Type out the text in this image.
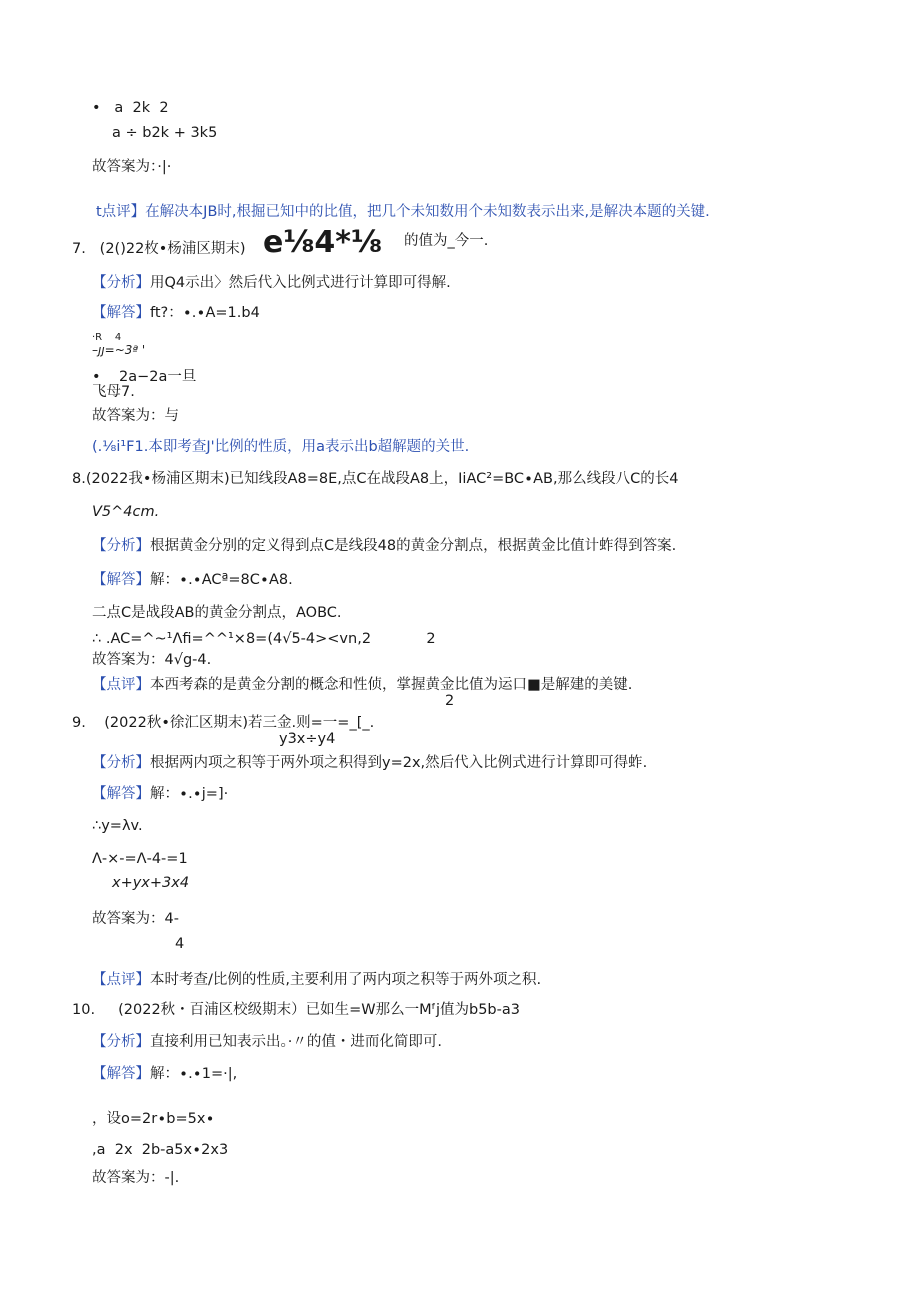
•   a  2k  2
a ÷ b2k + 3k5
故答案为：·|·
t点评】在解决本JB时,根掘已知中的比值，把几个未知数用个未知数表示出来,是解决本题的关键.
7.   (2()22枚•杨浦区期末) e⅛4*⅛ 的值为_今一.
【分析】用Q4示出〉然后代入比例式进行计算即可得解.
【解答】ft?：∙.∙A=1.b4
·R    4
–ȷȷ=~3ª '
•    2a−2a一旦
飞母7.
故答案为：与
(.⅛i¹F1.本即考查J'比例的性质，用a表示出b超解题的关世.
8.(2022我•杨浦区期末)已知线段A8=8E,点C在战段A8上，IiAC²=BC∙AB,那么线段八C的长4
V5^4cm.
【分析】根据黄金分别的定义得到点C是线段48的黄金分割点，根据黄金比值计蚱得到答案.
【解答】解：∙.∙ACª=8C∙A8.
二点C是战段AB的黄金分割点，AOBC.
∴ .AC=^~¹Λfi=^^¹×8=(4√5-4><vn,2            2
故答案为：4√g-4.
【点评】本西考森的是黄金分割的概念和性侦，掌握黄金比值为运口■是解建的美键.
2
9.    (2022秋•徐汇区期末)若三金.则=一=_[_.
y3x÷y4
【分析】根据两内项之积等于两外项之积得到y=2x,然后代入比例式进行计算即可得蚱.
【解答】解：∙.∙j=]·
∴y=λv.
Λ-×-=Λ-4-=1
x+yx+3x4
故答案为：4-
4
【点评】本时考查/比例的性质,主要利用了两内项之积等于两外项之积.
10.     (2022秋・百浦区校级期末）已如生=W那么一Mᶠj值为b5b-a3
【分析】直接利用已知表示出。·〃的值・进而化简即可.
【解答】解：∙.∙1=·|,
，设o=2r∙b=5x∙
,a  2x  2b-a5x∙2x3
故答案为：-|.
